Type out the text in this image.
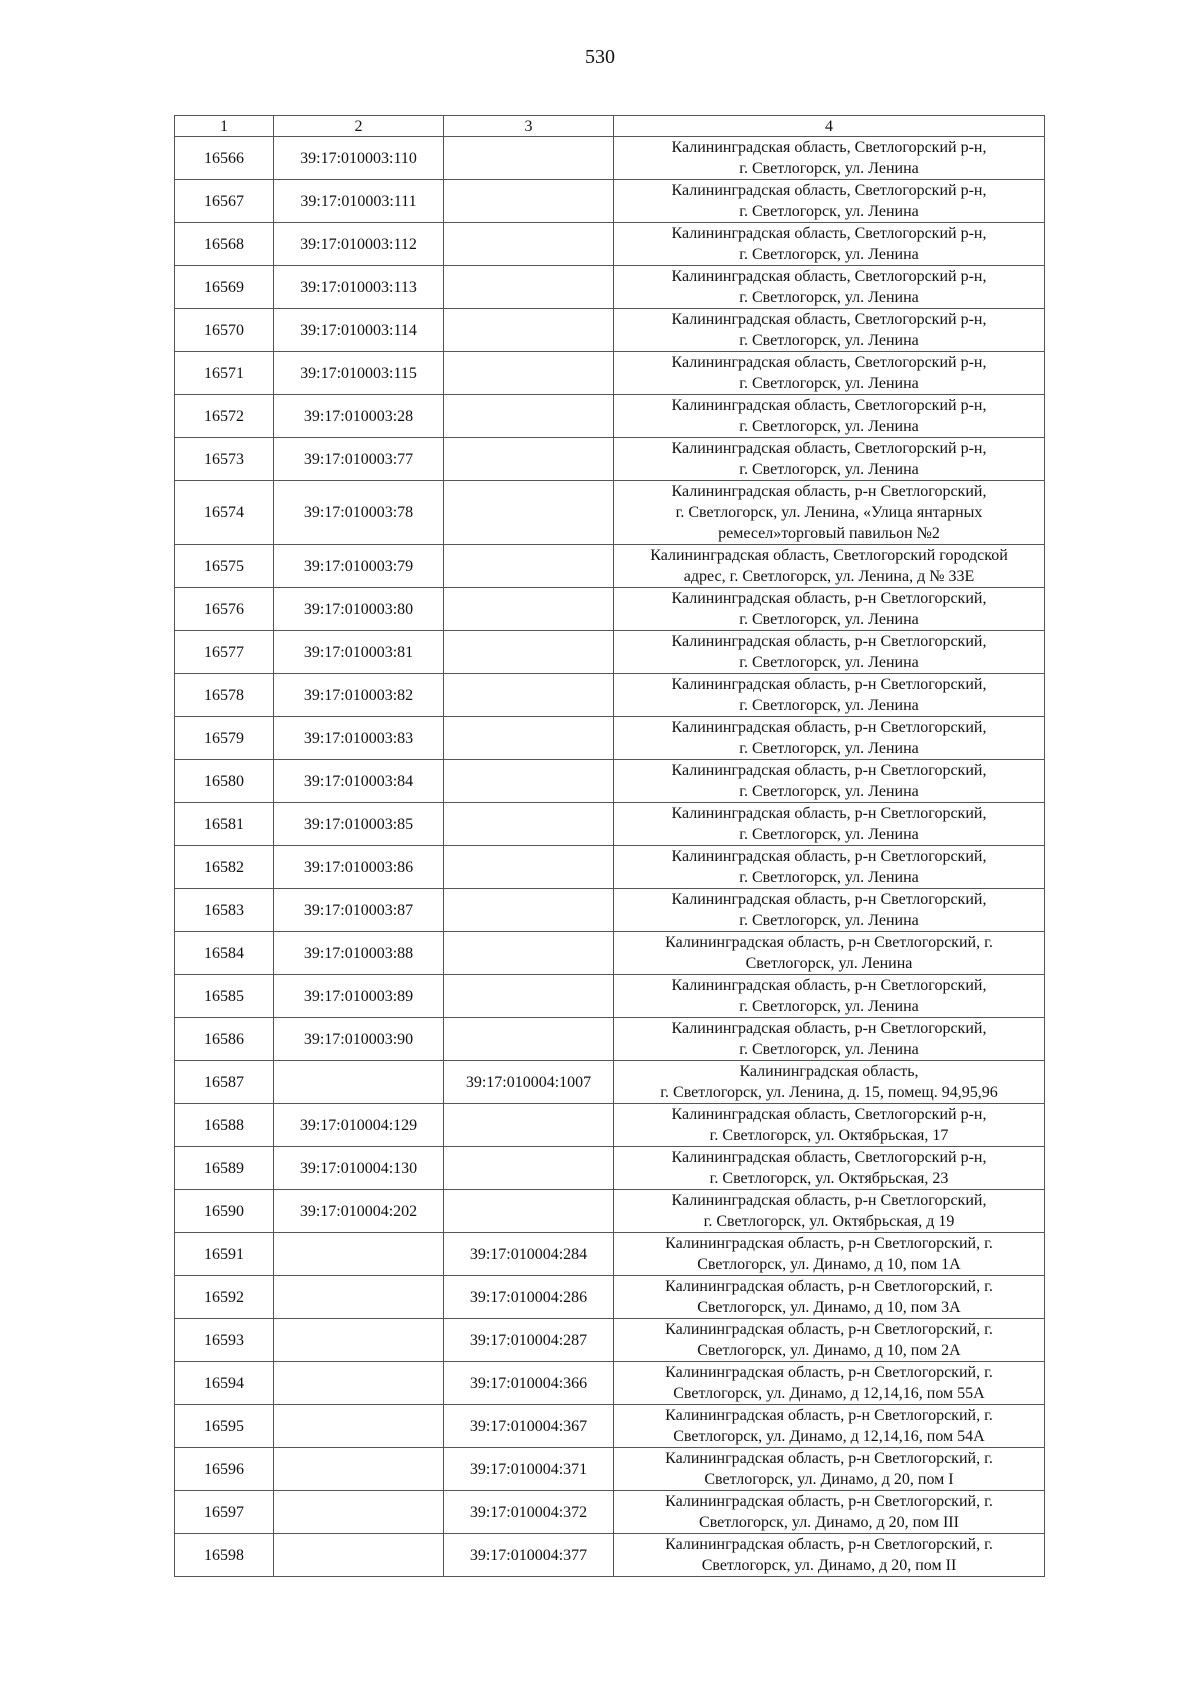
530
1	2	3	4
16566	39:17:010003:110		Калининградская область, Светлогорский р-н,
г. Светлогорск, ул. Ленина

16567	39:17:010003:111		Калининградская область, Светлогорский р-н,
г. Светлогорск, ул. Ленина

16568	39:17:010003:112		Калининградская область, Светлогорский р-н,
г. Светлогорск, ул. Ленина

16569	39:17:010003:113		Калининградская область, Светлогорский р-н,
г. Светлогорск, ул. Ленина

16570	39:17:010003:114		Калининградская область, Светлогорский р-н,
г. Светлогорск, ул. Ленина

16571	39:17:010003:115		Калининградская область, Светлогорский р-н,
г. Светлогорск, ул. Ленина

16572	39:17:010003:28		Калининградская область, Светлогорский р-н,
г. Светлогорск, ул. Ленина

16573	39:17:010003:77		Калининградская область, Светлогорский р-н,
г. Светлогорск, ул. Ленина

16574	39:17:010003:78		Калининградская область, р-н Светлогорский,
г. Светлогорск, ул. Ленина, «Улица янтарных
ремесел»торговый павильон №2

16575	39:17:010003:79		Калининградская область, Светлогорский городской
адрес, г. Светлогорск, ул. Ленина, д № 33Е

16576	39:17:010003:80		Калининградская область, р-н Светлогорский,
г. Светлогорск, ул. Ленина

16577	39:17:010003:81		Калининградская область, р-н Светлогорский,
г. Светлогорск, ул. Ленина

16578	39:17:010003:82		Калининградская область, р-н Светлогорский,
г. Светлогорск, ул. Ленина

16579	39:17:010003:83		Калининградская область, р-н Светлогорский,
г. Светлогорск, ул. Ленина

16580	39:17:010003:84		Калининградская область, р-н Светлогорский,
г. Светлогорск, ул. Ленина

16581	39:17:010003:85		Калининградская область, р-н Светлогорский,
г. Светлогорск, ул. Ленина

16582	39:17:010003:86		Калининградская область, р-н Светлогорский,
г. Светлогорск, ул. Ленина

16583	39:17:010003:87		Калининградская область, р-н Светлогорский,
г. Светлогорск, ул. Ленина

16584	39:17:010003:88		Калининградская область, р-н Светлогорский, г.
Светлогорск, ул. Ленина

16585	39:17:010003:89		Калининградская область, р-н Светлогорский,
г. Светлогорск, ул. Ленина

16586	39:17:010003:90		Калининградская область, р-н Светлогорский,
г. Светлогорск, ул. Ленина

16587		39:17:010004:1007	Калининградская область,
г. Светлогорск, ул. Ленина, д. 15, помещ. 94,95,96

16588	39:17:010004:129		Калининградская область, Светлогорский р-н,
г. Светлогорск, ул. Октябрьская, 17

16589	39:17:010004:130		Калининградская область, Светлогорский р-н,
г. Светлогорск, ул. Октябрьская, 23

16590	39:17:010004:202		Калининградская область, р-н Светлогорский,
г. Светлогорск, ул. Октябрьская, д 19

16591		39:17:010004:284	Калининградская область, р-н Светлогорский, г.
Светлогорск, ул. Динамо, д 10, пом 1А

16592		39:17:010004:286	Калининградская область, р-н Светлогорский, г.
Светлогорск, ул. Динамо, д 10, пом 3А

16593		39:17:010004:287	Калининградская область, р-н Светлогорский, г.
Светлогорск, ул. Динамо, д 10, пом 2А

16594		39:17:010004:366	Калининградская область, р-н Светлогорский, г.
Светлогорск, ул. Динамо, д 12,14,16, пом 55А

16595		39:17:010004:367	Калининградская область, р-н Светлогорский, г.
Светлогорск, ул. Динамо, д 12,14,16, пом 54А

16596		39:17:010004:371	Калининградская область, р-н Светлогорский, г.
Светлогорск, ул. Динамо, д 20, пом I

16597		39:17:010004:372	Калининградская область, р-н Светлогорский, г.
Светлогорск, ул. Динамо, д 20, пом III

16598		39:17:010004:377	Калининградская область, р-н Светлогорский, г.
Светлогорск, ул. Динамо, д 20, пом II
